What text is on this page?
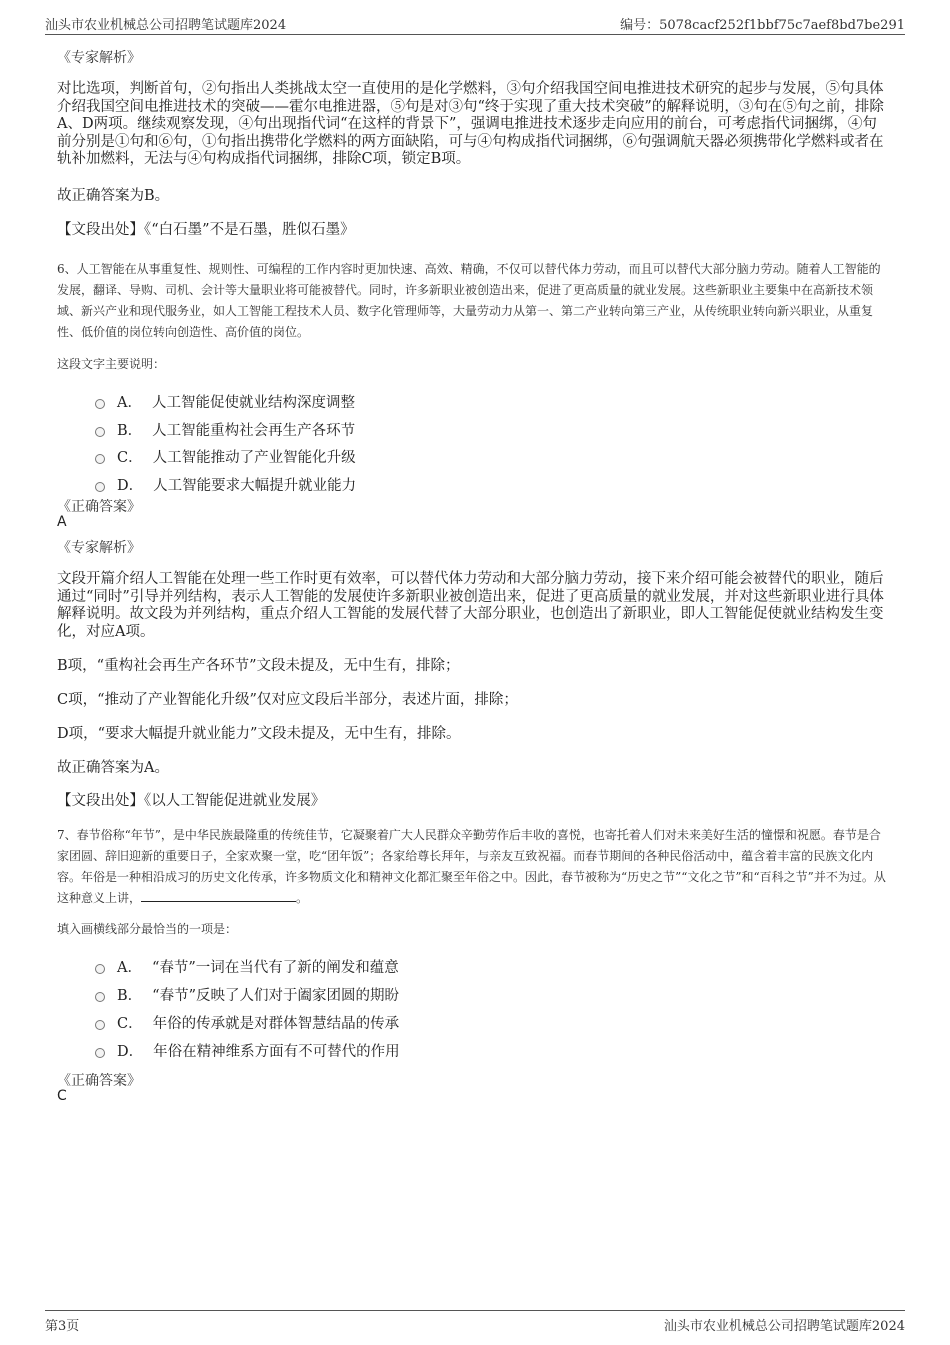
汕头市农业机械总公司招聘笔试题库2024	编号：5078cacf252f1bbf75c7aef8bd7be291
《专家解析》
对比选项，判断首句，②句指出人类挑战太空一直使用的是化学燃料，③句介绍我国空间电推进技术研究的起步与发展，⑤句具体介绍我国空间电推进技术的突破——霍尔电推进器，⑤句是对③句“终于实现了重大技术突破”的解释说明，③句在⑤句之前，排除A、D两项。继续观察发现，④句出现指代词“在这样的背景下”，强调电推进技术逐步走向应用的前台，可考虑指代词捆绑，④句前分别是①句和⑥句，①句指出携带化学燃料的两方面缺陷，可与④句构成指代词捆绑，⑥句强调航天器必须携带化学燃料或者在轨补加燃料，无法与④句构成指代词捆绑，排除C项，锁定B项。
故正确答案为B。
【文段出处】《“白石墨”不是石墨，胜似石墨》
6、人工智能在从事重复性、规则性、可编程的工作内容时更加快速、高效、精确，不仅可以替代体力劳动，而且可以替代大部分脑力劳动。随着人工智能的发展，翻译、导购、司机、会计等大量职业将可能被替代。同时，许多新职业被创造出来，促进了更高质量的就业发展。这些新职业主要集中在高新技术领域、新兴产业和现代服务业，如人工智能工程技术人员、数字化管理师等，大量劳动力从第一、第二产业转向第三产业，从传统职业转向新兴职业，从重复性、低价值的岗位转向创造性、高价值的岗位。
这段文字主要说明：
A． 人工智能促使就业结构深度调整
B． 人工智能重构社会再生产各环节
C． 人工智能推动了产业智能化升级
D． 人工智能要求大幅提升就业能力
《正确答案》
A
《专家解析》
文段开篇介绍人工智能在处理一些工作时更有效率，可以替代体力劳动和大部分脑力劳动，接下来介绍可能会被替代的职业，随后通过“同时”引导并列结构，表示人工智能的发展使许多新职业被创造出来，促进了更高质量的就业发展，并对这些新职业进行具体解释说明。故文段为并列结构，重点介绍人工智能的发展代替了大部分职业，也创造出了新职业，即人工智能促使就业结构发生变化，对应A项。
B项，“重构社会再生产各环节”文段未提及，无中生有，排除；
C项，“推动了产业智能化升级”仅对应文段后半部分，表述片面，排除；
D项，“要求大幅提升就业能力”文段未提及，无中生有，排除。
故正确答案为A。
【文段出处】《以人工智能促进就业发展》
7、春节俗称“年节”，是中华民族最隆重的传统佳节，它凝聚着广大人民群众辛勤劳作后丰收的喜悦，也寄托着人们对未来美好生活的憧憬和祝愿。春节是合家团圆、辞旧迎新的重要日子，全家欢聚一堂，吃“团年饭”；各家给尊长拜年，与亲友互致祝福。而春节期间的各种民俗活动中，蕴含着丰富的民族文化内容。年俗是一种相沿成习的历史文化传承，许多物质文化和精神文化都汇聚至年俗之中。因此，春节被称为“历史之节”“文化之节”和“百科之节”并不为过。从这种意义上讲，	。
填入画横线部分最恰当的一项是：
A． “春节”一词在当代有了新的阐发和蕴意
B． “春节”反映了人们对于阖家团圆的期盼
C． 年俗的传承就是对群体智慧结晶的传承
D． 年俗在精神维系方面有不可替代的作用
《正确答案》
C
第3页	汕头市农业机械总公司招聘笔试题库2024
